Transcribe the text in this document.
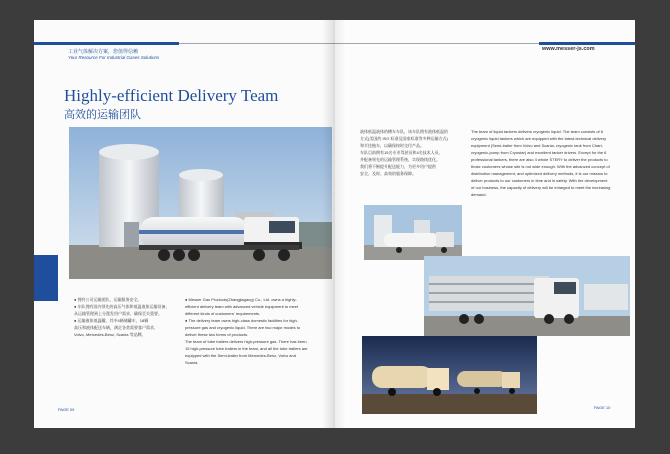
工业气体解决方案，您值得信赖
Your Resource For Industrial Gases Solutions
Highly-efficient Delivery Team
高效的运输团队

● 拥有公司运输团队，运输服务安全。

● 车队拥有国内领先的高压气体和低温液体运输设备，

从运输管理到上分派发用户需求，确保至关重要。

● 运输液体低温罐，其中4辆储罐车，18辆

高压和液体配送车辆，满足各类需要客户需求，

Volvo, Mercedes-Benz, Scania 等品牌。

● Messer Gas Products(Zhangjiagang) Co., Ltd. owns a highly-efficient delivery team with advanced vehicle equipment to meet different kinds of customers' requirements.

● The delivery team owns high-class domestic facilities for high-pressure gas and cryogenic liquid. There are two major modes to deliver these two forms of products.

The team of tube trailers delivers high-pressure gas. There has been 15 high-pressure tube trailers in the team, and all the tube trailers are equipped with the Semi-trailer from Mercedes-Benz, Volvo and Scania.

PAGE 09
www.messer-js.com

液体低温液体的槽车车队，该车队拥有液体低温的

方式(美国的 ISO 标准及国家标准等多种运输方式)

和半挂拖车，以确保按时交付产品。

车队目前拥有15名专业驾驶员和4名技术人员，

并配备领先的运输管理系统，实现路线优化。

我们将不断提升配送能力，为更多用户提供

安全、及时、高效的服务保障。

The team of liquid tankers delivers cryogenic liquid. The team consists of 6 cryogenic liquid tankers which are equipped with the latest-technical delivery equipment (Semi-trailer from Volvo and Scania, cryogenic tank from Chart, cryogenic-pump from Cryostar) and excellent tanker drivers. Except for the 6 professional tankers, there are also 4 whole STERY to deliver the products to those customers whose site is not wide enough. With the advanced concept of distribution management, and optimized delivery methods, it is our mission to deliver products to our customers in time and in safety. With the development of our business, the capacity of delivery will be enlarged to meet the increasing demand.

PAGE 10
